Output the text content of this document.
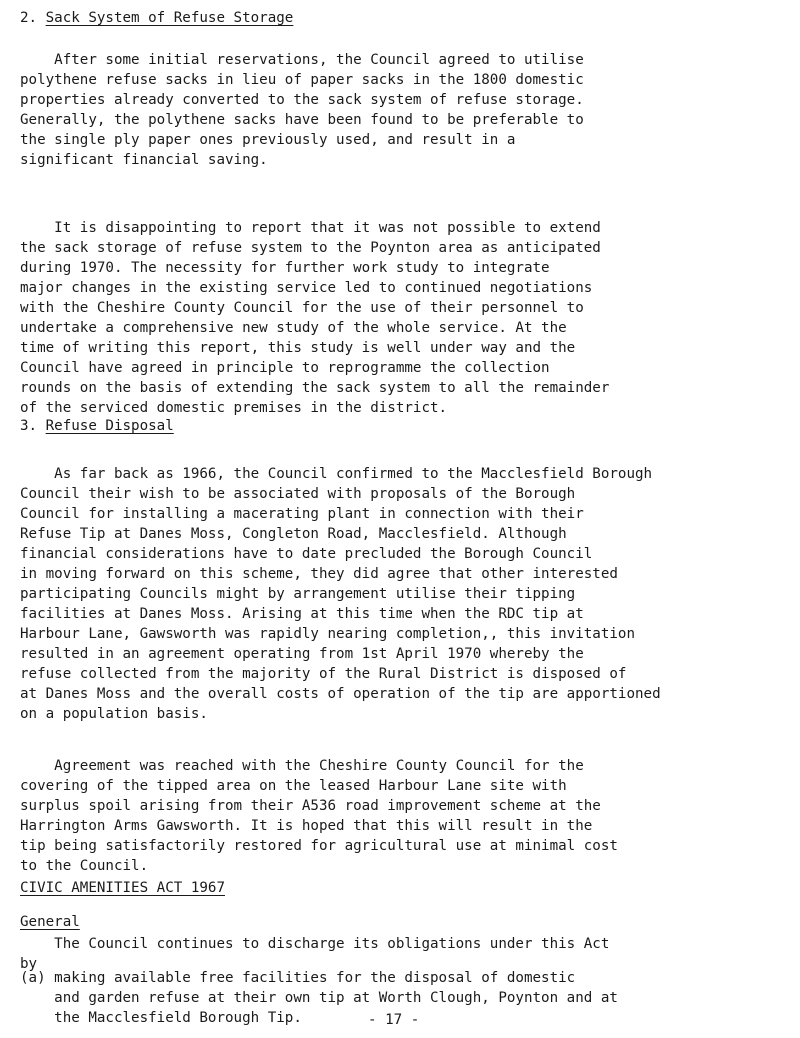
2. Sack System of Refuse Storage
After some initial reservations, the Council agreed to utilise
polythene refuse sacks in lieu of paper sacks in the 1800 domestic
properties already converted to the sack system of refuse storage.
Generally, the polythene sacks have been found to be preferable to
the single ply paper ones previously used, and result in a
significant financial saving.
It is disappointing to report that it was not possible to extend
the sack storage of refuse system to the Poynton area as anticipated
during 1970. The necessity for further work study to integrate
major changes in the existing service led to continued negotiations
with the Cheshire County Council for the use of their personnel to
undertake a comprehensive new study of the whole service. At the
time of writing this report, this study is well under way and the
Council have agreed in principle to reprogramme the collection
rounds on the basis of extending the sack system to all the remainder
of the serviced domestic premises in the district.
3. Refuse Disposal
As far back as 1966, the Council confirmed to the Macclesfield Borough
Council their wish to be associated with proposals of the Borough
Council for installing a macerating plant in connection with their
Refuse Tip at Danes Moss, Congleton Road, Macclesfield. Although
financial considerations have to date precluded the Borough Council
in moving forward on this scheme, they did agree that other interested
participating Councils might by arrangement utilise their tipping
facilities at Danes Moss. Arising at this time when the RDC tip at
Harbour Lane, Gawsworth was rapidly nearing completion,, this invitation
resulted in an agreement operating from 1st April 1970 whereby the
refuse collected from the majority of the Rural District is disposed of
at Danes Moss and the overall costs of operation of the tip are apportioned
on a population basis.
Agreement was reached with the Cheshire County Council for the
covering of the tipped area on the leased Harbour Lane site with
surplus spoil arising from their A536 road improvement scheme at the
Harrington Arms Gawsworth. It is hoped that this will result in the
tip being satisfactorily restored for agricultural use at minimal cost
to the Council.
CIVIC AMENITIES ACT 1967
General
The Council continues to discharge its obligations under this Act
by
(a) making available free facilities for the disposal of domestic
and garden refuse at their own tip at Worth Clough, Poynton and at
the Macclesfield Borough Tip.	- 17 -
